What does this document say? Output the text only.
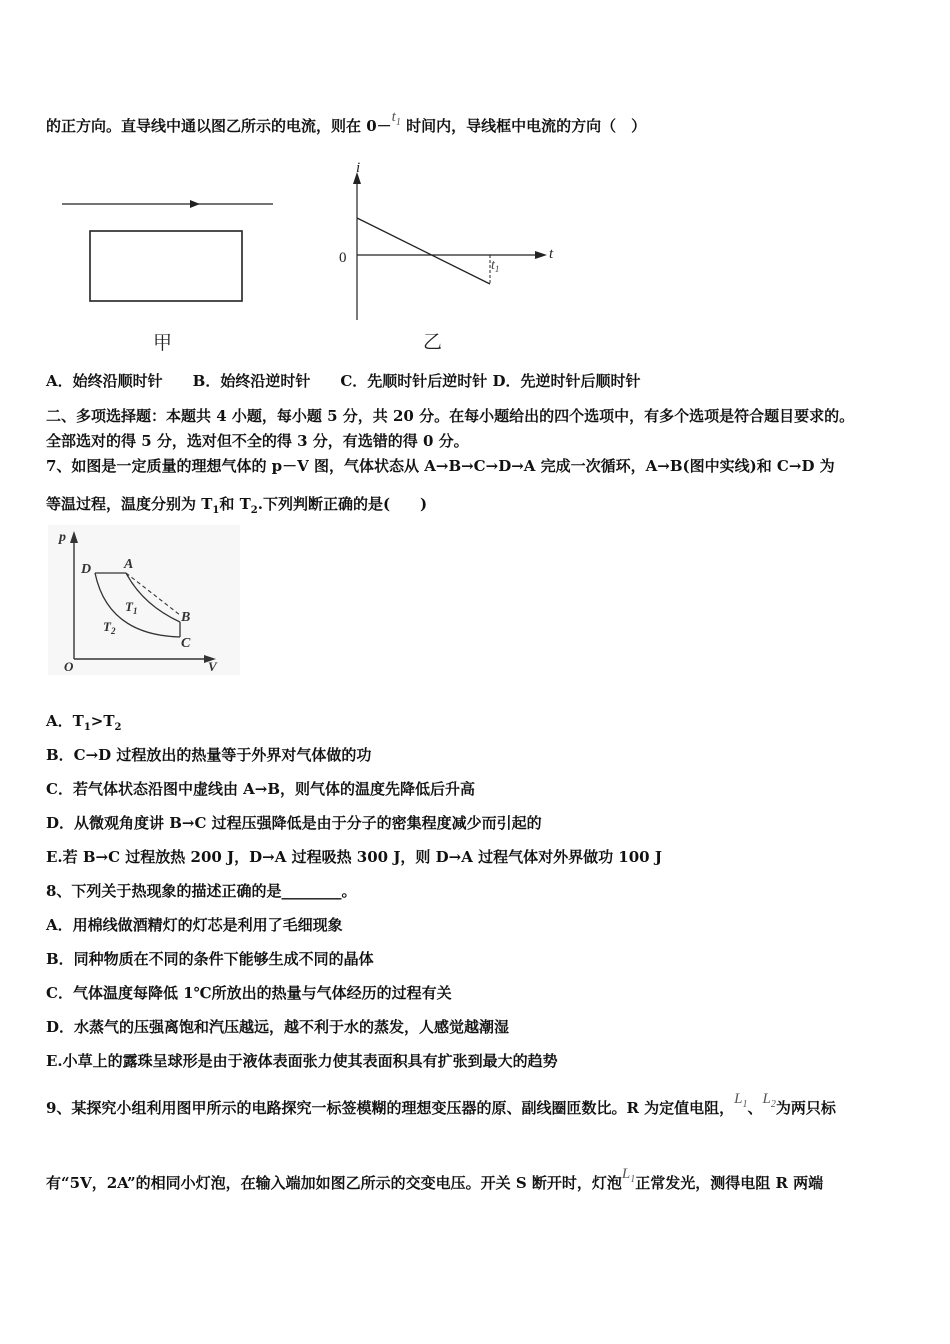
的正方向。直导线中通以图乙所示的电流，则在 $0-t_1$ 时间内，导线框中电流的方向（　）
甲
i
t
0	$t_1$
乙
A．始终沿顺时针　　B．始终沿逆时针　　C．先顺时针后逆时针 D．先逆时针后顺时针
二、多项选择题：本题共 4 小题，每小题 5 分，共 20 分。在每小题给出的四个选项中，有多个选项是符合题目要求的。
全部选对的得 5 分，选对但不全的得 3 分，有选错的得 0 分。
7、如图是一定质量的理想气体的 p－V 图，气体状态从 A→B→C→D→A 完成一次循环，A→B(图中实线)和 C→D 为
等温过程，温度分别为 $T_1$和 $T_2$.下列判断正确的是(　　)
p
V
O
D A
B
C
$T_1$
$T_2$
A．$T_1>T_2$
B．C→D 过程放出的热量等于外界对气体做的功
C．若气体状态沿图中虚线由 A→B，则气体的温度先降低后升高
D．从微观角度讲 B→C 过程压强降低是由于分子的密集程度减少而引起的
E.若 B→C 过程放热 200 J，D→A 过程吸热 300 J，则 D→A 过程气体对外界做功 100 J
8、下列关于热现象的描述正确的是________。
A．用棉线做酒精灯的灯芯是利用了毛细现象
B．同种物质在不同的条件下能够生成不同的晶体
C．气体温度每降低 1℃所放出的热量与气体经历的过程有关
D．水蒸气的压强离饱和汽压越远，越不利于水的蒸发，人感觉越潮湿
E.小草上的露珠呈球形是由于液体表面张力使其表面积具有扩张到最大的趋势
9、某探究小组利用图甲所示的电路探究一标签模糊的理想变压器的原、副线圈匝数比。R 为定值电阻，$L_1$、$L_2$为两只标
有“5V，2A”的相同小灯泡，在输入端加如图乙所示的交变电压。开关 S 断开时，灯泡$L_1$正常发光，测得电阻 R 两端
